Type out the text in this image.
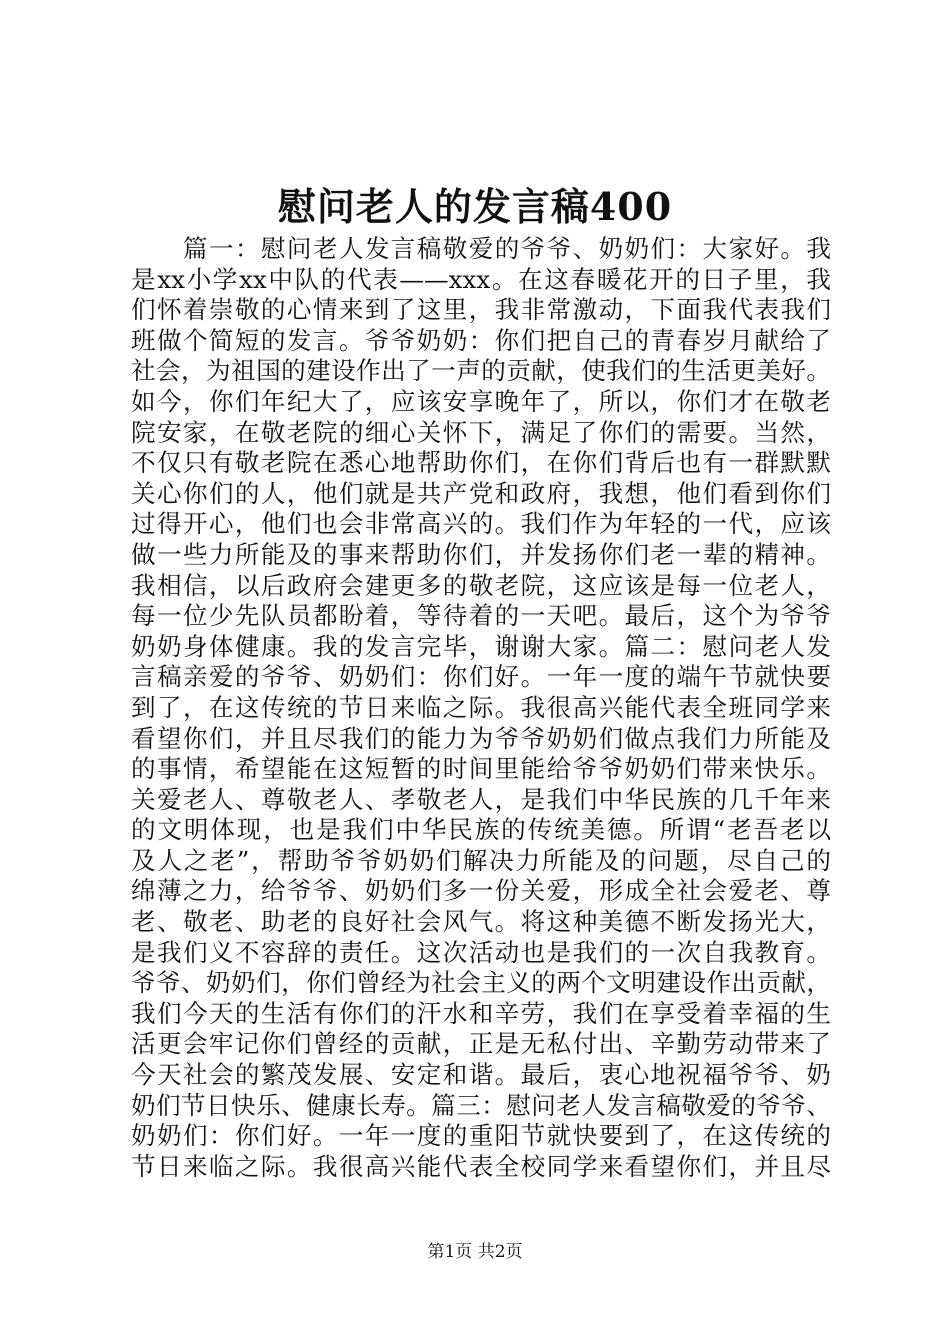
慰问老人的发言稿400
篇一：慰问老人发言稿敬爱的爷爷、奶奶们：大家好。我
是xx小学xx中队的代表——xxx。在这春暖花开的日子里，我
们怀着崇敬的心情来到了这里，我非常激动，下面我代表我们
班做个简短的发言。爷爷奶奶：你们把自己的青春岁月献给了
社会，为祖国的建设作出了一声的贡献，使我们的生活更美好。
如今，你们年纪大了，应该安享晚年了，所以，你们才在敬老
院安家，在敬老院的细心关怀下，满足了你们的需要。当然，
不仅只有敬老院在悉心地帮助你们，在你们背后也有一群默默
关心你们的人，他们就是共产党和政府，我想，他们看到你们
过得开心，他们也会非常高兴的。我们作为年轻的一代，应该
做一些力所能及的事来帮助你们，并发扬你们老一辈的精神。
我相信，以后政府会建更多的敬老院，这应该是每一位老人，
每一位少先队员都盼着，等待着的一天吧。最后，这个为爷爷
奶奶身体健康。我的发言完毕，谢谢大家。篇二：慰问老人发
言稿亲爱的爷爷、奶奶们：你们好。一年一度的端午节就快要
到了，在这传统的节日来临之际。我很高兴能代表全班同学来
看望你们，并且尽我们的能力为爷爷奶奶们做点我们力所能及
的事情，希望能在这短暂的时间里能给爷爷奶奶们带来快乐。
关爱老人、尊敬老人、孝敬老人，是我们中华民族的几千年来
的文明体现，也是我们中华民族的传统美德。所谓“老吾老以
及人之老”，帮助爷爷奶奶们解决力所能及的问题，尽自己的
绵薄之力，给爷爷、奶奶们多一份关爱，形成全社会爱老、尊
老、敬老、助老的良好社会风气。将这种美德不断发扬光大，
是我们义不容辞的责任。这次活动也是我们的一次自我教育。
爷爷、奶奶们，你们曾经为社会主义的两个文明建设作出贡献，
我们今天的生活有你们的汗水和辛劳，我们在享受着幸福的生
活更会牢记你们曾经的贡献，正是无私付出、辛勤劳动带来了
今天社会的繁茂发展、安定和谐。最后，衷心地祝福爷爷、奶
奶们节日快乐、健康长寿。篇三：慰问老人发言稿敬爱的爷爷、
奶奶们：你们好。一年一度的重阳节就快要到了，在这传统的
节日来临之际。我很高兴能代表全校同学来看望你们，并且尽
第1页 共2页
